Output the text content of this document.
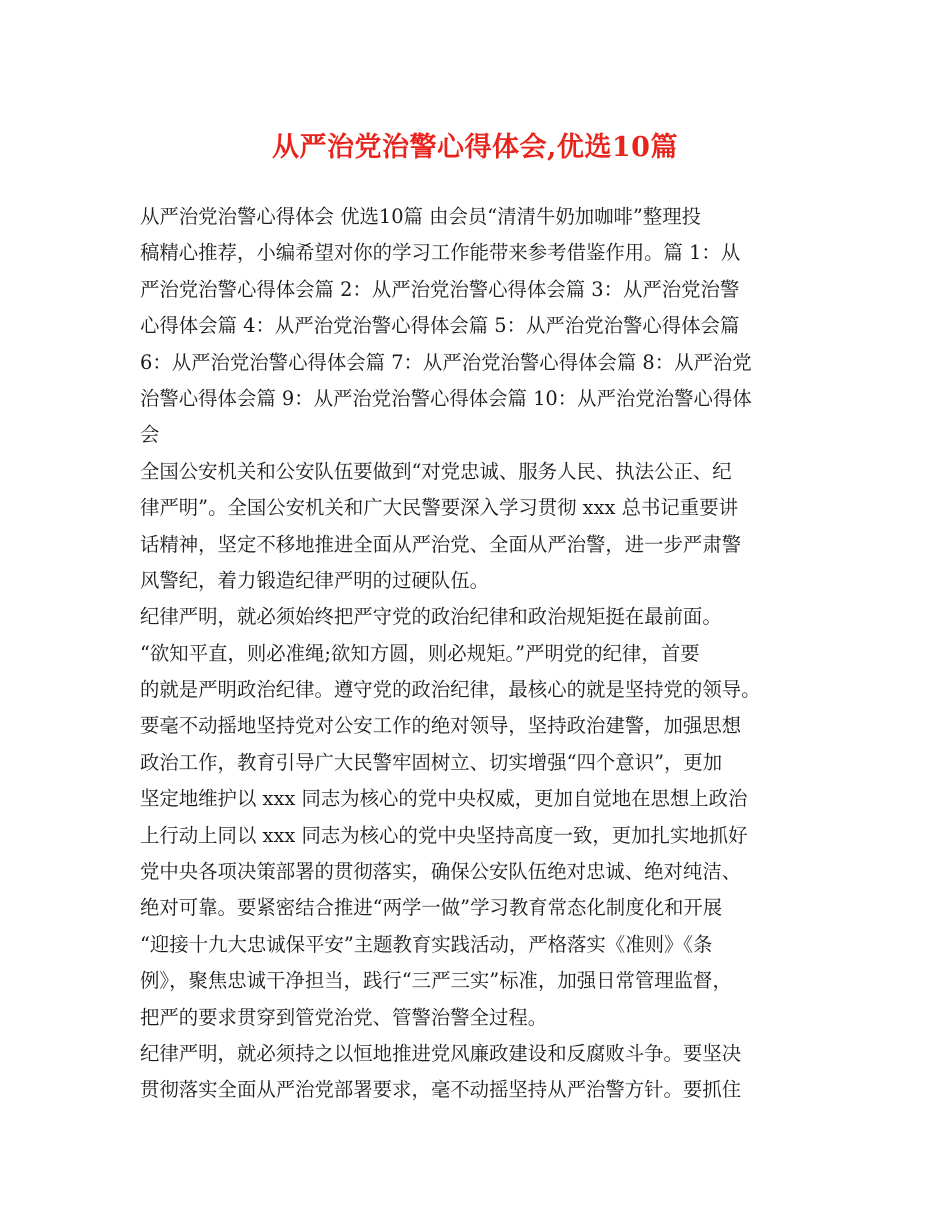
从严治党治警心得体会,优选10篇
从严治党治警心得体会 优选10篇 由会员“清清牛奶加咖啡”整理投
稿精心推荐，小编希望对你的学习工作能带来参考借鉴作用。篇 1：从
严治党治警心得体会篇 2：从严治党治警心得体会篇 3：从严治党治警
心得体会篇 4：从严治党治警心得体会篇 5：从严治党治警心得体会篇
6：从严治党治警心得体会篇 7：从严治党治警心得体会篇 8：从严治党
治警心得体会篇 9：从严治党治警心得体会篇 10：从严治党治警心得体
会
全国公安机关和公安队伍要做到“对党忠诚、服务人民、执法公正、纪
律严明”。全国公安机关和广大民警要深入学习贯彻 xxx 总书记重要讲
话精神，坚定不移地推进全面从严治党、全面从严治警，进一步严肃警
风警纪，着力锻造纪律严明的过硬队伍。
纪律严明，就必须始终把严守党的政治纪律和政治规矩挺在最前面。
“欲知平直，则必准绳;欲知方圆，则必规矩。”严明党的纪律，首要
的就是严明政治纪律。遵守党的政治纪律，最核心的就是坚持党的领导。
要毫不动摇地坚持党对公安工作的绝对领导，坚持政治建警，加强思想
政治工作，教育引导广大民警牢固树立、切实增强“四个意识”，更加
坚定地维护以 xxx 同志为核心的党中央权威，更加自觉地在思想上政治
上行动上同以 xxx 同志为核心的党中央坚持高度一致，更加扎实地抓好
党中央各项决策部署的贯彻落实，确保公安队伍绝对忠诚、绝对纯洁、
绝对可靠。要紧密结合推进“两学一做”学习教育常态化制度化和开展
“迎接十九大忠诚保平安”主题教育实践活动，严格落实《准则》《条
例》，聚焦忠诚干净担当，践行“三严三实”标准，加强日常管理监督，
把严的要求贯穿到管党治党、管警治警全过程。
纪律严明，就必须持之以恒地推进党风廉政建设和反腐败斗争。要坚决
贯彻落实全面从严治党部署要求，毫不动摇坚持从严治警方针。要抓住
